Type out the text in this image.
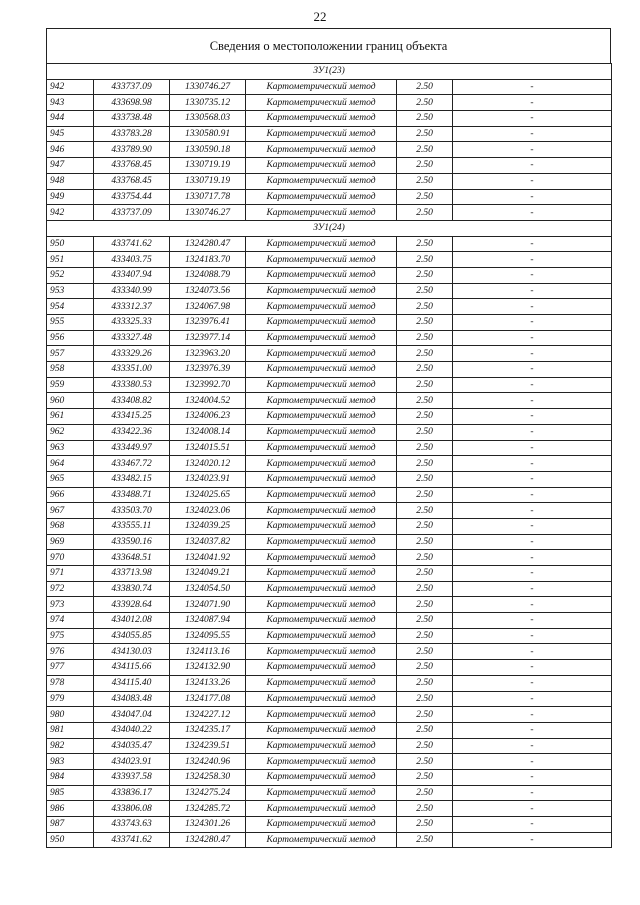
22
Сведения о местоположении границ объекта
ЗУ1(23)					
942	433737.09	1330746.27	Картометрический метод	2.50	-
943	433698.98	1330735.12	Картометрический метод	2.50	-
944	433738.48	1330568.03	Картометрический метод	2.50	-
945	433783.28	1330580.91	Картометрический метод	2.50	-
946	433789.90	1330590.18	Картометрический метод	2.50	-
947	433768.45	1330719.19	Картометрический метод	2.50	-
948	433768.45	1330719.19	Картометрический метод	2.50	-
949	433754.44	1330717.78	Картометрический метод	2.50	-
942	433737.09	1330746.27	Картометрический метод	2.50	-
ЗУ1(24)					
950	433741.62	1324280.47	Картометрический метод	2.50	-
951	433403.75	1324183.70	Картометрический метод	2.50	-
952	433407.94	1324088.79	Картометрический метод	2.50	-
953	433340.99	1324073.56	Картометрический метод	2.50	-
954	433312.37	1324067.98	Картометрический метод	2.50	-
955	433325.33	1323976.41	Картометрический метод	2.50	-
956	433327.48	1323977.14	Картометрический метод	2.50	-
957	433329.26	1323963.20	Картометрический метод	2.50	-
958	433351.00	1323976.39	Картометрический метод	2.50	-
959	433380.53	1323992.70	Картометрический метод	2.50	-
960	433408.82	1324004.52	Картометрический метод	2.50	-
961	433415.25	1324006.23	Картометрический метод	2.50	-
962	433422.36	1324008.14	Картометрический метод	2.50	-
963	433449.97	1324015.51	Картометрический метод	2.50	-
964	433467.72	1324020.12	Картометрический метод	2.50	-
965	433482.15	1324023.91	Картометрический метод	2.50	-
966	433488.71	1324025.65	Картометрический метод	2.50	-
967	433503.70	1324023.06	Картометрический метод	2.50	-
968	433555.11	1324039.25	Картометрический метод	2.50	-
969	433590.16	1324037.82	Картометрический метод	2.50	-
970	433648.51	1324041.92	Картометрический метод	2.50	-
971	433713.98	1324049.21	Картометрический метод	2.50	-
972	433830.74	1324054.50	Картометрический метод	2.50	-
973	433928.64	1324071.90	Картометрический метод	2.50	-
974	434012.08	1324087.94	Картометрический метод	2.50	-
975	434055.85	1324095.55	Картометрический метод	2.50	-
976	434130.03	1324113.16	Картометрический метод	2.50	-
977	434115.66	1324132.90	Картометрический метод	2.50	-
978	434115.40	1324133.26	Картометрический метод	2.50	-
979	434083.48	1324177.08	Картометрический метод	2.50	-
980	434047.04	1324227.12	Картометрический метод	2.50	-
981	434040.22	1324235.17	Картометрический метод	2.50	-
982	434035.47	1324239.51	Картометрический метод	2.50	-
983	434023.91	1324240.96	Картометрический метод	2.50	-
984	433937.58	1324258.30	Картометрический метод	2.50	-
985	433836.17	1324275.24	Картометрический метод	2.50	-
986	433806.08	1324285.72	Картометрический метод	2.50	-
987	433743.63	1324301.26	Картометрический метод	2.50	-
950	433741.62	1324280.47	Картометрический метод	2.50	-
